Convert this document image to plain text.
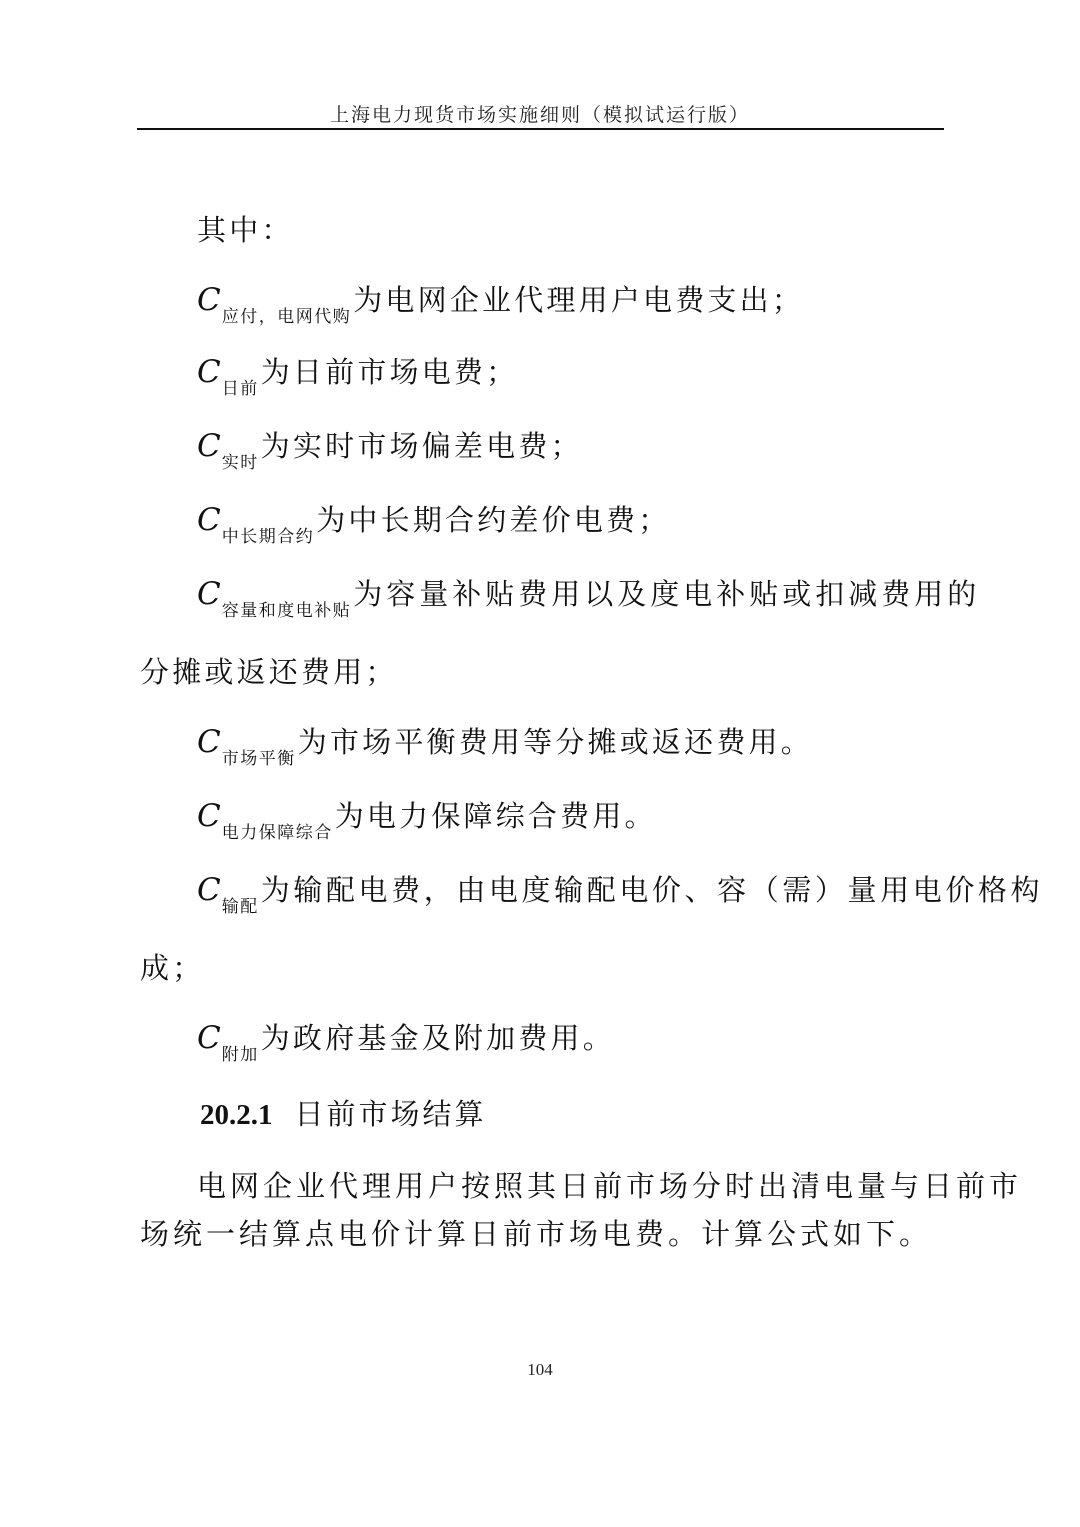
上海电力现货市场实施细则（模拟试运行版）
其中：
$C_{应付,电网代购}$为电网企业代理用户电费支出；
$C_{日前}$为日前市场电费；
$C_{实时}$为实时市场偏差电费；
$C_{中长期合约}$为中长期合约差价电费；
$C_{容量和度电补贴}$为容量补贴费用以及度电补贴或扣减费用的
分摊或返还费用；
$C_{市场平衡}$为市场平衡费用等分摊或返还费用。
$C_{电力保障综合}$为电力保障综合费用。
$C_{输配}$为输配电费，由电度输配电价、容（需）量用电价格构
成；
$C_{附加}$为政府基金及附加费用。
20.2.1 日前市场结算
电网企业代理用户按照其日前市场分时出清电量与日前市
场统一结算点电价计算日前市场电费。计算公式如下。
104
